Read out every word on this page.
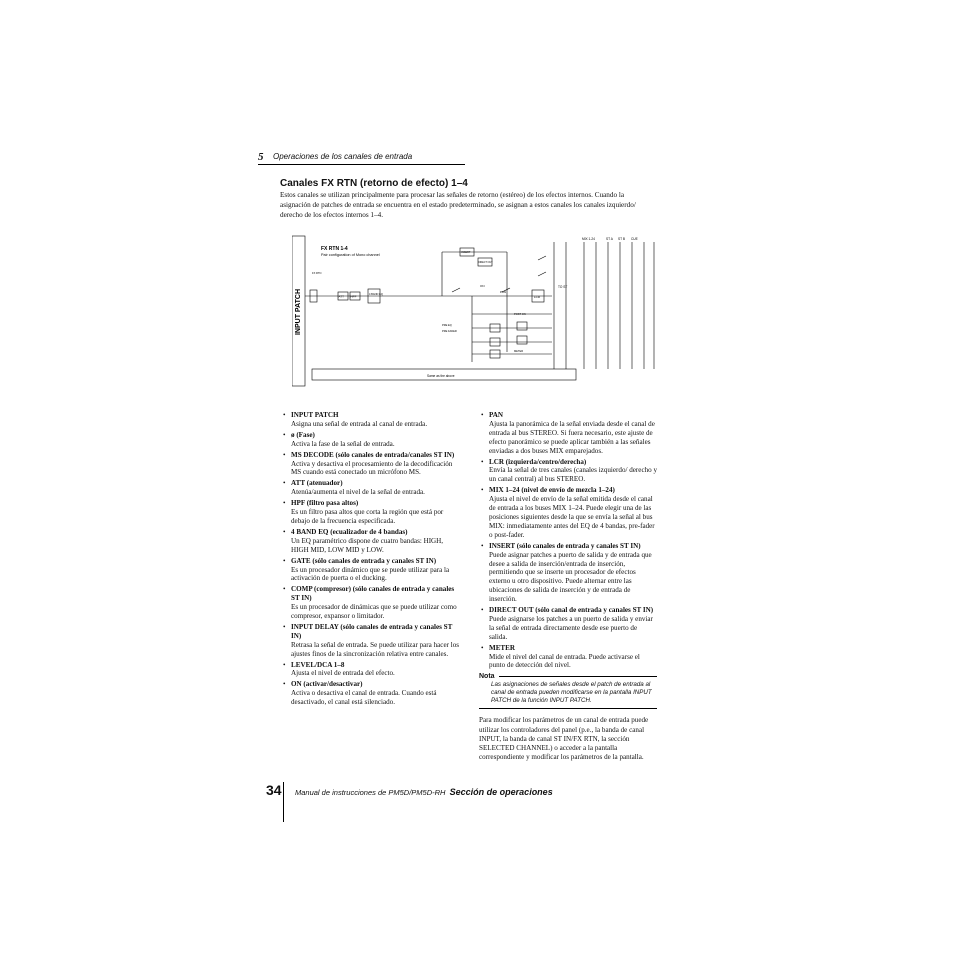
5 Operaciones de los canales de entrada
Canales FX RTN (retorno de efecto) 1–4
Estos canales se utilizan principalmente para procesar las señales de retorno (estéreo) de los efectos internos. Cuando la asignación de patches de entrada se encuentra en el estado predeterminado, se asignan a estos canales los canales izquierdo/ derecho de los efectos internos 1–4.
INPUT PATCH
FX RTN 1-4
Pair configuration of Mono channel
ATT HPF	4 BAND EQ
LCR
PAN
ON
FX RTN
INSERT
PRE EQ
PRE FADER
POST ON
DIRECT OUT
METER
TO ST
MIX 1-24	ST A ST B CUE
Same as the above
• INPUT PATCH
Asigna una señal de entrada al canal de entrada.
• ø (Fase)
Activa la fase de la señal de entrada.
• MS DECODE (sólo canales de entrada/canales ST IN)
Activa y desactiva el procesamiento de la decodificación MS cuando está conectado un micrófono MS.
• ATT (atenuador)
Atenúa/aumenta el nivel de la señal de entrada.
• HPF (filtro pasa altos)
Es un filtro pasa altos que corta la región que está por debajo de la frecuencia especificada.
• 4 BAND EQ (ecualizador de 4 bandas)
Un EQ paramétrico dispone de cuatro bandas: HIGH, HIGH MID, LOW MID y LOW.
• GATE (sólo canales de entrada y canales ST IN)
Es un procesador dinámico que se puede utilizar para la activación de puerta o el ducking.
• COMP (compresor) (sólo canales de entrada y canales ST IN)
Es un procesador de dinámicas que se puede utilizar como compresor, expansor o limitador.
• INPUT DELAY (sólo canales de entrada y canales ST IN)
Retrasa la señal de entrada. Se puede utilizar para hacer los ajustes finos de la sincronización relativa entre canales.
• LEVEL/DCA 1–8
Ajusta el nivel de entrada del efecto.
• ON (activar/desactivar)
Activa o desactiva el canal de entrada. Cuando está desactivado, el canal está silenciado.
• PAN
Ajusta la panorámica de la señal enviada desde el canal de entrada al bus STEREO. Si fuera necesario, este ajuste de efecto panorámico se puede aplicar también a las señales enviadas a dos buses MIX emparejados.
• LCR (izquierda/centro/derecha)
Envía la señal de tres canales (canales izquierdo/ derecho y un canal central) al bus STEREO.
• MIX 1–24 (nivel de envío de mezcla 1–24)
Ajusta el nivel de envío de la señal emitida desde el canal de entrada a los buses MIX 1–24. Puede elegir una de las posiciones siguientes desde la que se envía la señal al bus MIX: inmediatamente antes del EQ de 4 bandas, pre-fader o post-fader.
• INSERT (sólo canales de entrada y canales ST IN)
Puede asignar patches a puerto de salida y de entrada que desee a salida de inserción/entrada de inserción, permitiendo que se inserte un procesador de efectos externo u otro dispositivo. Puede alternar entre las ubicaciones de salida de inserción y de entrada de inserción.
• DIRECT OUT (sólo canal de entrada y canales ST IN)
Puede asignarse los patches a un puerto de salida y enviar la señal de entrada directamente desde ese puerto de salida.
• METER
Mide el nivel del canal de entrada. Puede activarse el punto de detección del nivel.
Nota
Las asignaciones de señales desde el patch de entrada al canal de entrada pueden modificarse en la pantalla INPUT PATCH de la función INPUT PATCH.
Para modificar los parámetros de un canal de entrada puede utilizar los controladores del panel (p.e., la banda de canal INPUT, la banda de canal ST IN/FX RTN, la sección SELECTED CHANNEL) o acceder a la pantalla correspondiente y modificar los parámetros de la pantalla.
34 Manual de instrucciones de PM5D/PM5D-RH Sección de operaciones
